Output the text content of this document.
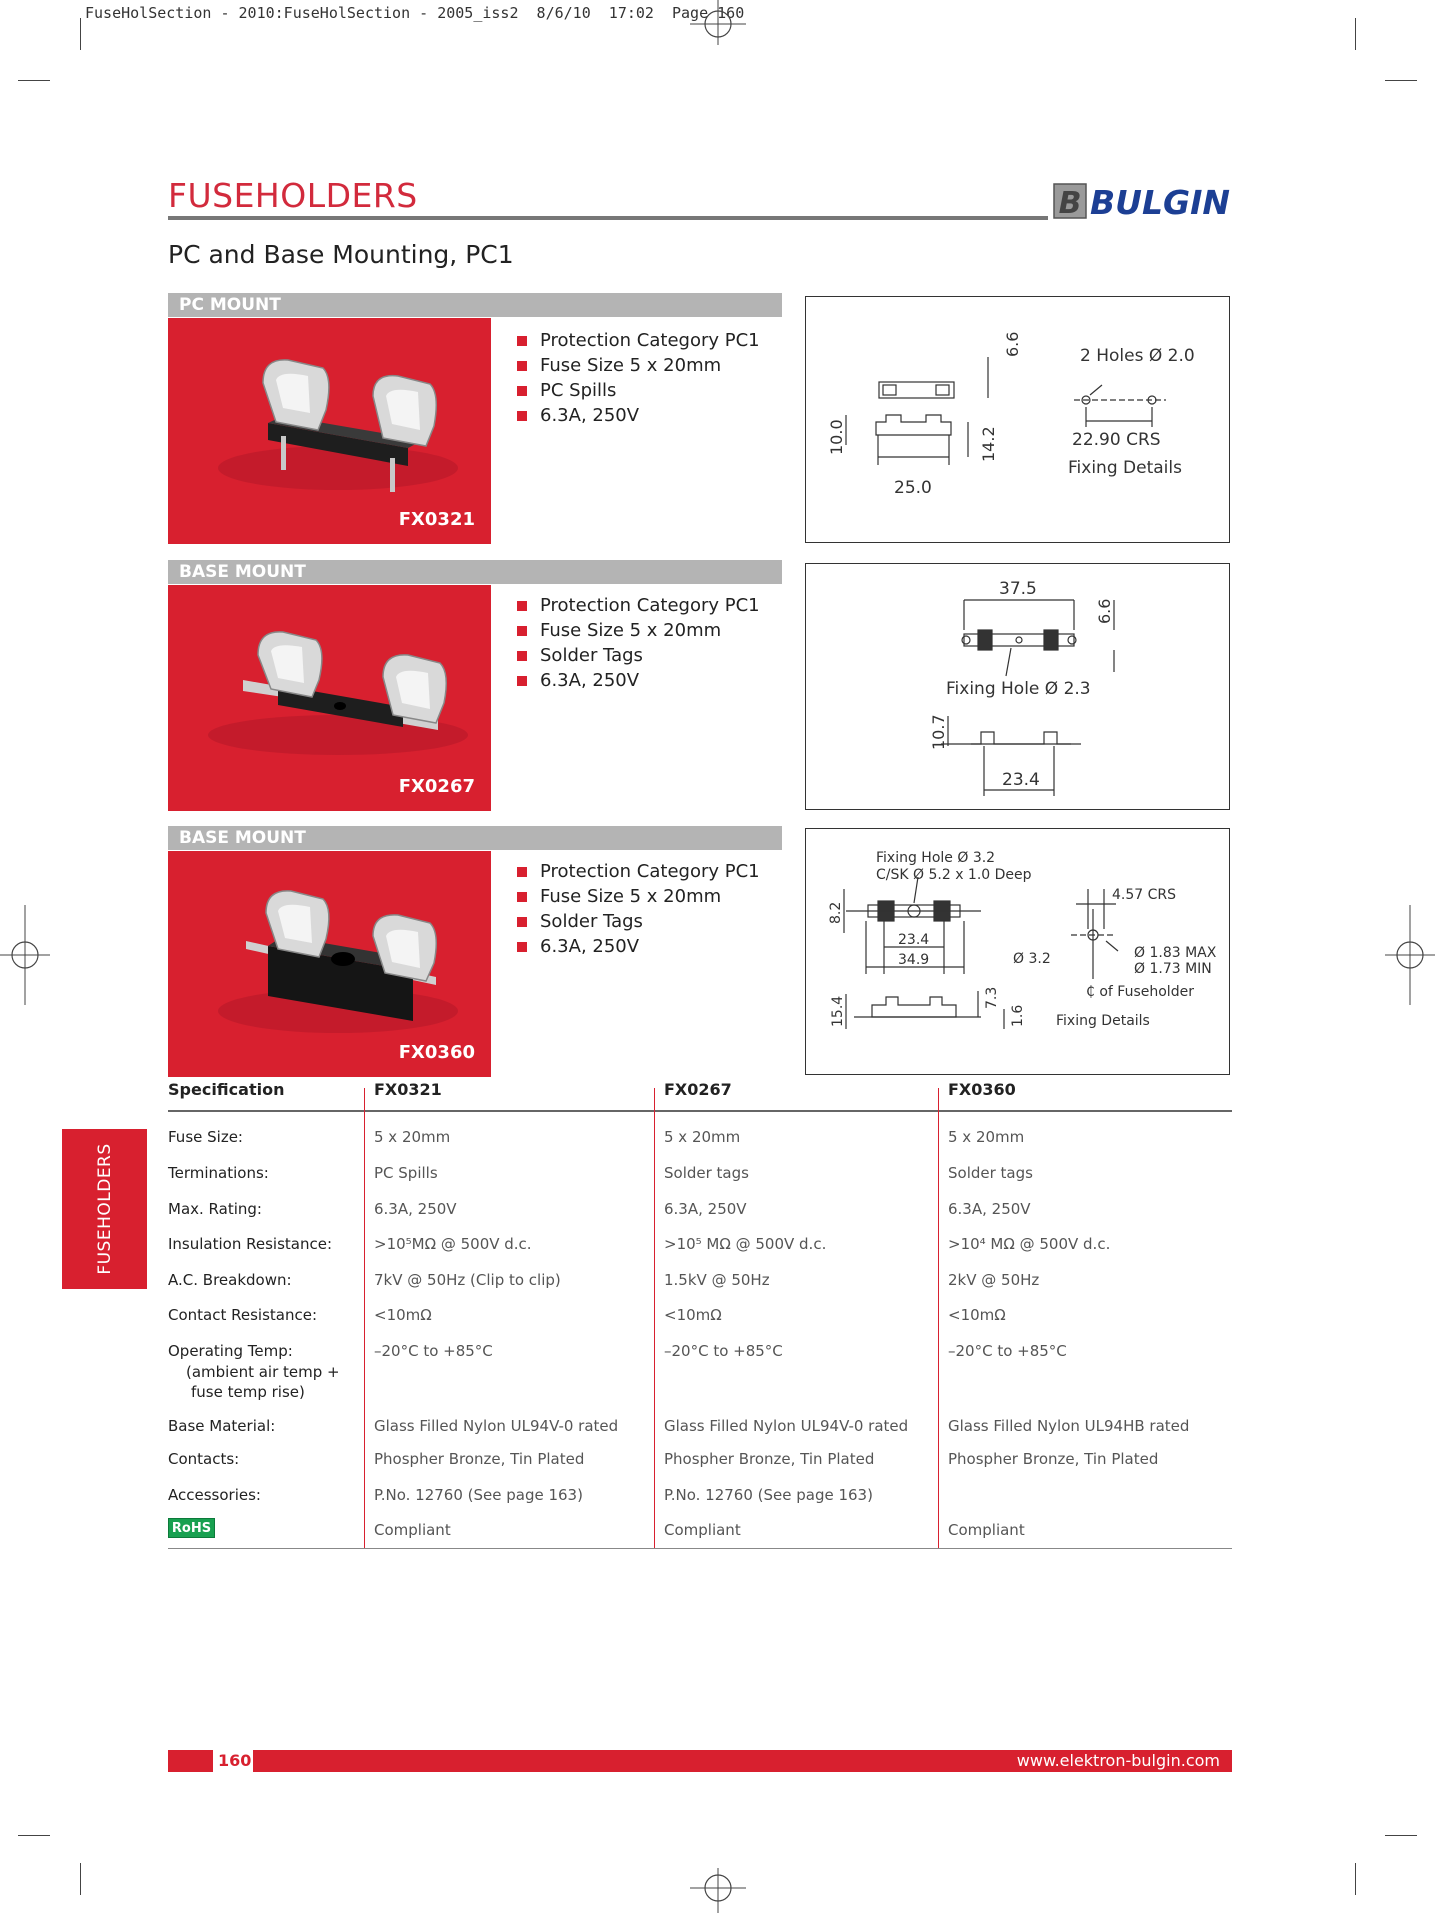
FuseHolSection - 2010:FuseHolSection - 2005_iss2  8/6/10  17:02  Page 160
FUSEHOLDERS	B BULGIN
PC and Base Mounting, PC1
PC MOUNT
FX0321
Protection Category PC1
Fuse Size 5 x 20mm
PC Spills
6.3A, 250V
6.6
10.0	14.2
25.0
2 Holes Ø 2.0
22.90 CRS
Fixing Details
BASE MOUNT
FX0267
Protection Category PC1
Fuse Size 5 x 20mm
Solder Tags
6.3A, 250V
37.5
6.6
10.7
23.4
Fixing Hole Ø 2.3
BASE MOUNT
FX0360
Protection Category PC1
Fuse Size 5 x 20mm
Solder Tags
6.3A, 250V
Fixing Hole Ø 3.2
C/SK Ø 5.2 x 1.0 Deep
8.2
23.4
34.9
15.4	7.3
1.6
4.57 CRS
Ø 3.2	Ø 1.83 MAX
Ø 1.73 MIN
₵ of Fuseholder
Fixing Details
Specification	FX0321	FX0267	FX0360
Fuse Size:	5 x 20mm	5 x 20mm	5 x 20mm
Terminations:	PC Spills	Solder tags	Solder tags
Max. Rating:	6.3A, 250V	6.3A, 250V	6.3A, 250V
Insulation Resistance:	>10⁵MΩ @ 500V d.c.	>10⁵ MΩ @ 500V d.c.	>10⁴ MΩ @ 500V d.c.
A.C. Breakdown:	7kV @ 50Hz (Clip to clip)	1.5kV @ 50Hz	2kV @ 50Hz
Contact Resistance:	<10mΩ	<10mΩ	<10mΩ
Operating Temp:
(ambient air temp +
fuse temp rise)
–20°C to +85°C	–20°C to +85°C	–20°C to +85°C
Base Material:	Glass Filled Nylon UL94V-0 rated	Glass Filled Nylon UL94V-0 rated	Glass Filled Nylon UL94HB rated
Contacts:	Phospher Bronze, Tin Plated	Phospher Bronze, Tin Plated	Phospher Bronze, Tin Plated
Accessories:	P.No. 12760 (See page 163)	P.No. 12760 (See page 163)
RoHS	Compliant	Compliant	Compliant
FUSEHOLDERS
160	www.elektron-bulgin.com
